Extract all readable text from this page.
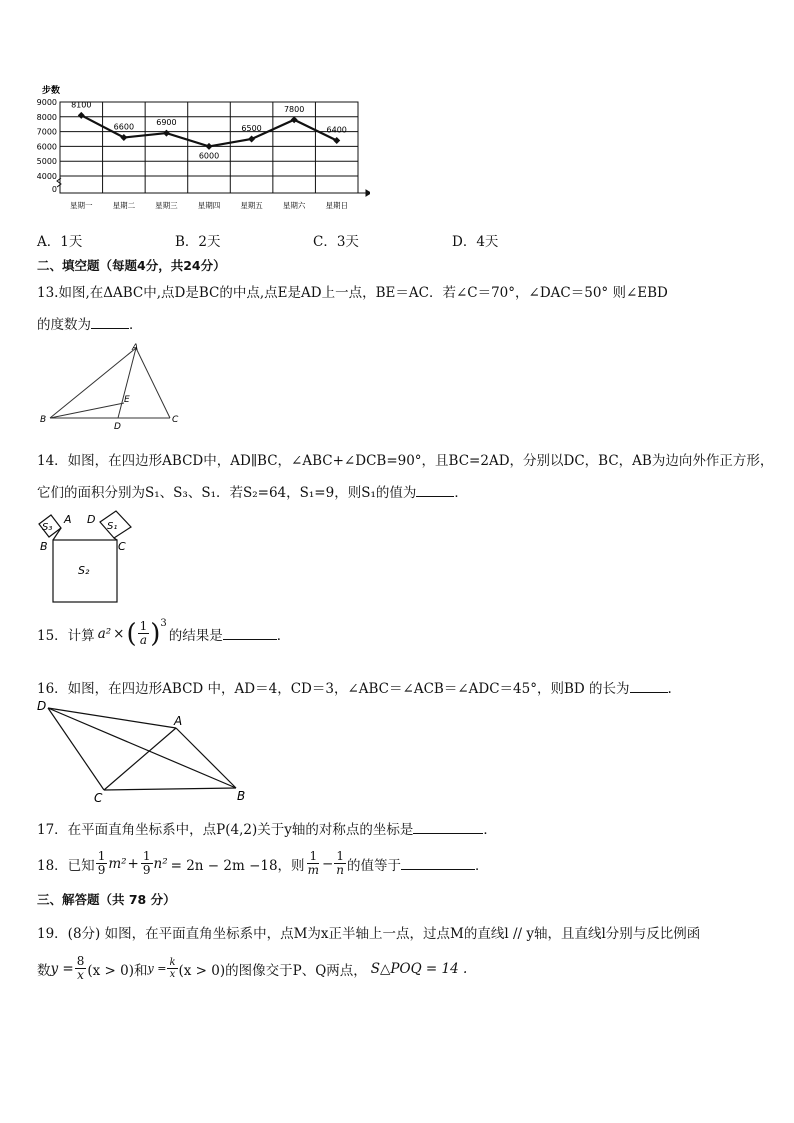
步数
9000
8000
7000
6000
5000
4000
0
星期一	星期二	星期三	星期四	星期五	星期六	星期日
8100
6600	6900
6000
6500
7800
6400
A．1天	B．2天	C．3天	D．4天
二、填空题（每题4分，共24分）
13.如图,在ΔABC中,点D是BC的中点,点E是AD上一点，BE＝AC．若∠C＝70°，∠DAC＝50° 则∠EBD
的度数为	．
A
B	C
D
E
14．如图，在四边形ABCD中，AD∥BC，∠ABC+∠DCB=90°，且BC=2AD，分别以DC，BC，AB为边向外作正方形，
它们的面积分别为S₁、S₃、S₁．若S₂=64，S₁=9，则S₁的值为	．
S₃	S₁
S₂
A D
B	C
15．计算 a² × ( $\frac{1}{a}$ ) 3
的结果是	．
16．如图，在四边形ABCD 中，AD＝4，CD＝3，∠ABC＝∠ACB＝∠ADC＝45°，则BD 的长为	.
D
A
C	B
17．在平面直角坐标系中，点P(4,2)关于y轴的对称点的坐标是	．
18．已知 $\frac{1}{9} m^2 + \frac{1}{9} n^2 = 2n - 2m -18$，则 $\frac{1}{m} - \frac{1}{n}$ 的值等于	．
三、解答题（共 78 分）
19．(8分) 如图，在平面直角坐标系中，点M为x正半轴上一点，过点M的直线l // y轴，且直线l分别与反比例函
数 $y = \frac{8}{x} (x > 0)$和 $y = \frac{k}{x} (x > 0)$的图像交于P、Q两点， S△POQ = 14 .
